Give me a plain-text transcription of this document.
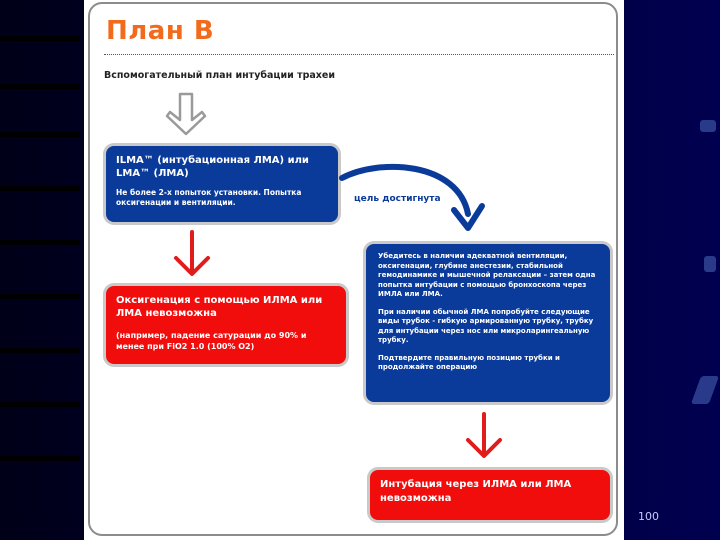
План B

Вспомогательный план интубации трахеи

ILMA™ (интубационная ЛМА) или LMA™ (ЛМА)

Не более 2-х попыток установки. Попытка оксигенации и вентиляции.	цель достигнута

Оксигенация с помощью ИЛМА или ЛМА невозможна

(например, падение сатурации до 90% и менее при FiO2 1.0 (100% O2)

Убедитесь в наличии адекватной вентиляции, оксигенации, глубине анестезии, стабильной гемодинамике и мышечной релаксации – затем одна попытка интубации с помощью бронхоскопа через ИМЛА или ЛМА.

При наличии обычной ЛМА попробуйте следующие виды трубок - гибкую армированную трубку, трубку для интубации через нос или микроларингеальную трубку.

Подтвердите правильную позицию трубки и продолжайте операцию

Интубация через ИЛМА или ЛМА невозможна

100
